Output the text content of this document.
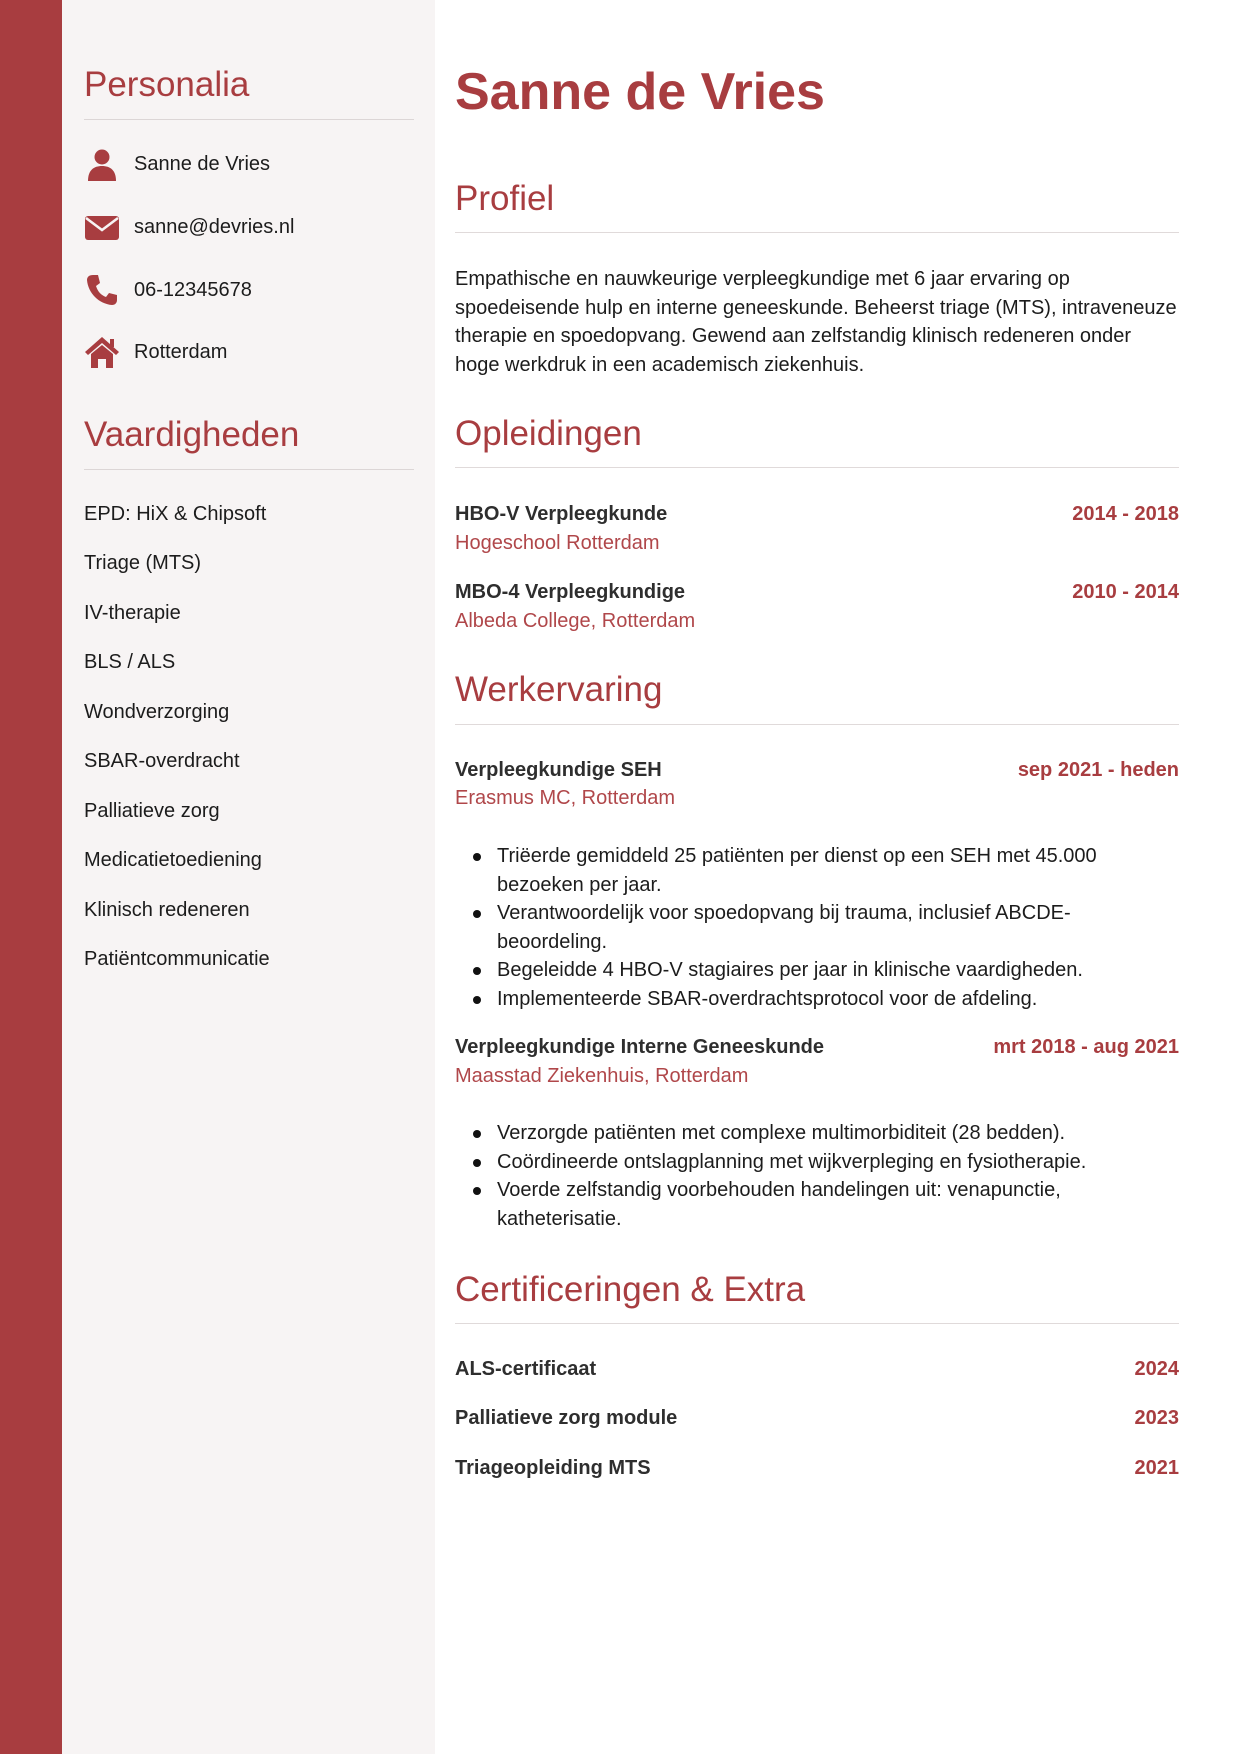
Personalia
Sanne de Vries
sanne@devries.nl
06-12345678
Rotterdam
Vaardigheden
EPD: HiX & Chipsoft
Triage (MTS)
IV-therapie
BLS / ALS
Wondverzorging
SBAR-overdracht
Palliatieve zorg
Medicatietoediening
Klinisch redeneren
Patiëntcommunicatie
Sanne de Vries
Profiel

Empathische en nauwkeurige verpleegkundige met 6 jaar ervaring op spoedeisende hulp en interne geneeskunde. Beheerst triage (MTS), intraveneuze therapie en spoedopvang. Gewend aan zelfstandig klinisch redeneren onder hoge werkdruk in een academisch ziekenhuis.

Opleidingen
HBO-V Verpleegkunde	2014 - 2018
Hogeschool Rotterdam
MBO-4 Verpleegkundige	2010 - 2014
Albeda College, Rotterdam
Werkervaring
Verpleegkundige SEH	sep 2021 - heden
Erasmus MC, Rotterdam
Triëerde gemiddeld 25 patiënten per dienst op een SEH met 45.000 bezoeken per jaar.
Verantwoordelijk voor spoedopvang bij trauma, inclusief ABCDE-beoordeling.
Begeleidde 4 HBO-V stagiaires per jaar in klinische vaardigheden.
Implementeerde SBAR-overdrachtsprotocol voor de afdeling.
Verpleegkundige Interne Geneeskunde	mrt 2018 - aug 2021
Maasstad Ziekenhuis, Rotterdam
Verzorgde patiënten met complexe multimorbiditeit (28 bedden).
Coördineerde ontslagplanning met wijkverpleging en fysiotherapie.
Voerde zelfstandig voorbehouden handelingen uit: venapunctie, katheterisatie.
Certificeringen & Extra
ALS-certificaat	2024
Palliatieve zorg module	2023
Triageopleiding MTS	2021
